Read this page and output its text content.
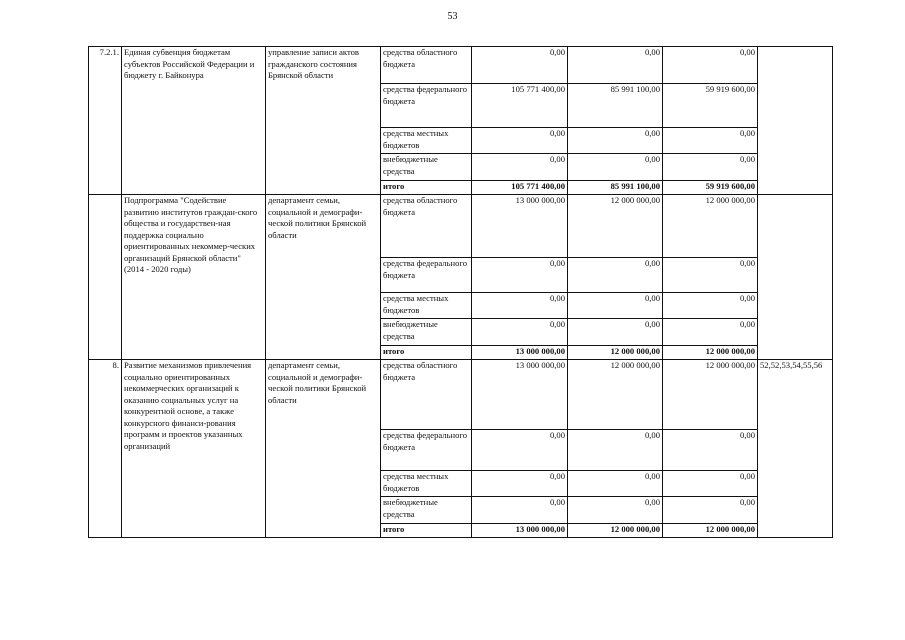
53
7.2.1.	Единая субвенция бюджетам субъектов Российской Федерации и бюджету г. Байконура	управление записи актов гражданского состояния Брянской области	средства областного бюджета	0,00	0,00	0,00	
			средства федерального бюджета	105 771 400,00	85 991 100,00	59 919 600,00	
			средства местных бюджетов	0,00	0,00	0,00	
			внебюджетные средства	0,00	0,00	0,00	
			итого	105 771 400,00	85 991 100,00	59 919 600,00	
	Подпрограмма "Содействие развитию институтов граждан-ского общества и государствен-ная поддержка социально ориентированных некоммер-ческих организаций Брянской области" (2014 - 2020 годы)	департамент семьи, социальной и демографи-ческой политики Брянской области	средства областного бюджета	13 000 000,00	12 000 000,00	12 000 000,00	
			средства федерального бюджета	0,00	0,00	0,00	
			средства местных бюджетов	0,00	0,00	0,00	
			внебюджетные средства	0,00	0,00	0,00	
			итого	13 000 000,00	12 000 000,00	12 000 000,00	
8.	Развитие механизмов привлечения социально ориентированных некоммерческих организаций к оказанию социальных услуг на конкурентной основе, а также конкурсного финанси-рования программ и проектов указанных организаций	департамент семьи, социальной и демографи-ческой политики Брянской области	средства областного бюджета	13 000 000,00	12 000 000,00	12 000 000,00	52,52,53,54,55,56
			средства федерального бюджета	0,00	0,00	0,00	
			средства местных бюджетов	0,00	0,00	0,00	
			внебюджетные средства	0,00	0,00	0,00	
			итого	13 000 000,00	12 000 000,00	12 000 000,00	
